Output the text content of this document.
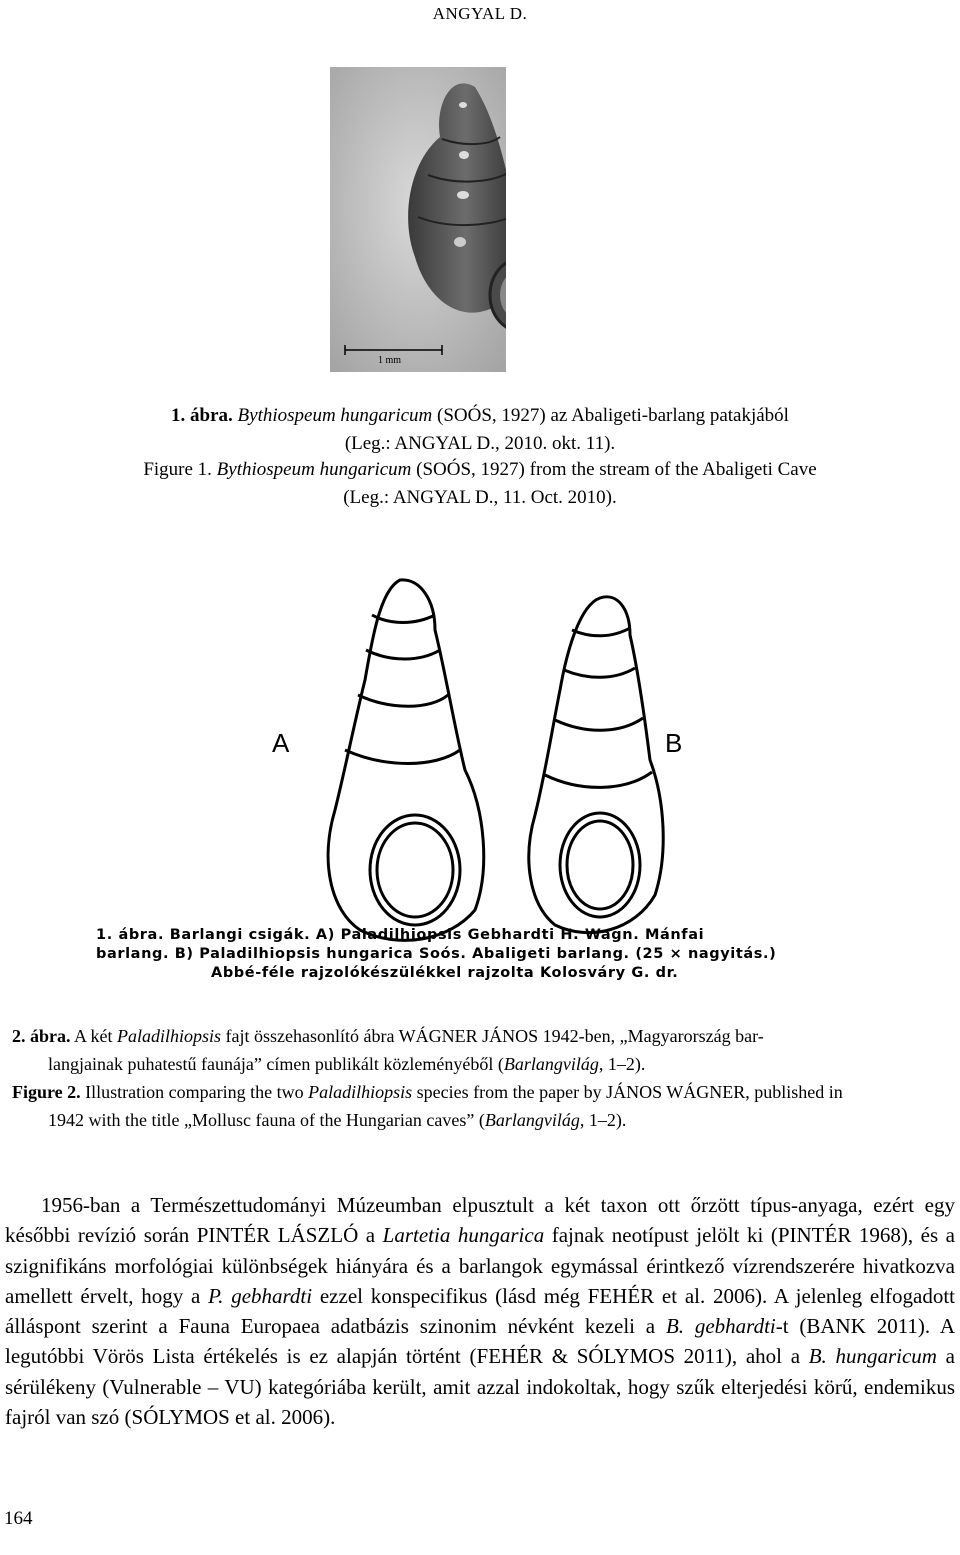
ANGYAL D.
1 mm
1. ábra. Bythiospeum hungaricum (SOÓS, 1927) az Abaligeti-barlang patakjából
(Leg.: ANGYAL D., 2010. okt. 11).
Figure 1. Bythiospeum hungaricum (SOÓS, 1927) from the stream of the Abaligeti Cave
(Leg.: ANGYAL D., 11. Oct. 2010).
A	B
1. ábra. Barlangi csigák. A) Paladilhiopsis Gebhardti H. Wagn. Mánfai
barlang. B) Paladilhiopsis hungarica Soós. Abaligeti barlang. (25 × nagyitás.)
Abbé-féle rajzolókészülékkel rajzolta Kolosváry G. dr.
2. ábra. A két Paladilhiopsis fajt összehasonlító ábra WÁGNER JÁNOS 1942-ben, „Magyarország bar-
langjainak puhatestű faunája” címen publikált közleményéből (Barlangvilág, 1–2).
Figure 2. Illustration comparing the two Paladilhiopsis species from the paper by JÁNOS WÁGNER, published in
1942 with the title „Mollusc fauna of the Hungarian caves” (Barlangvilág, 1–2).

1956-ban a Természettudományi Múzeumban elpusztult a két taxon ott őrzött típus-anyaga, ezért egy későbbi revízió során PINTÉR LÁSZLÓ a Lartetia hungarica fajnak neotípust jelölt ki (PINTÉR 1968), és a szignifikáns morfológiai különbségek hiányára és a barlangok egymással érintkező vízrendszerére hivatkozva amellett érvelt, hogy a P. gebhardti ezzel konspecifikus (lásd még FEHÉR et al. 2006). A jelenleg elfogadott álláspont szerint a Fauna Europaea adatbázis szinonim névként kezeli a B. gebhardti-t (BANK 2011). A legutóbbi Vörös Lista értékelés is ez alapján történt (FEHÉR & SÓLYMOS 2011), ahol a B. hungaricum a sérülékeny (Vulnerable – VU) kategóriába került, amit azzal indokoltak, hogy szűk elterjedési körű, endemikus fajról van szó (SÓLYMOS et al. 2006).

164
